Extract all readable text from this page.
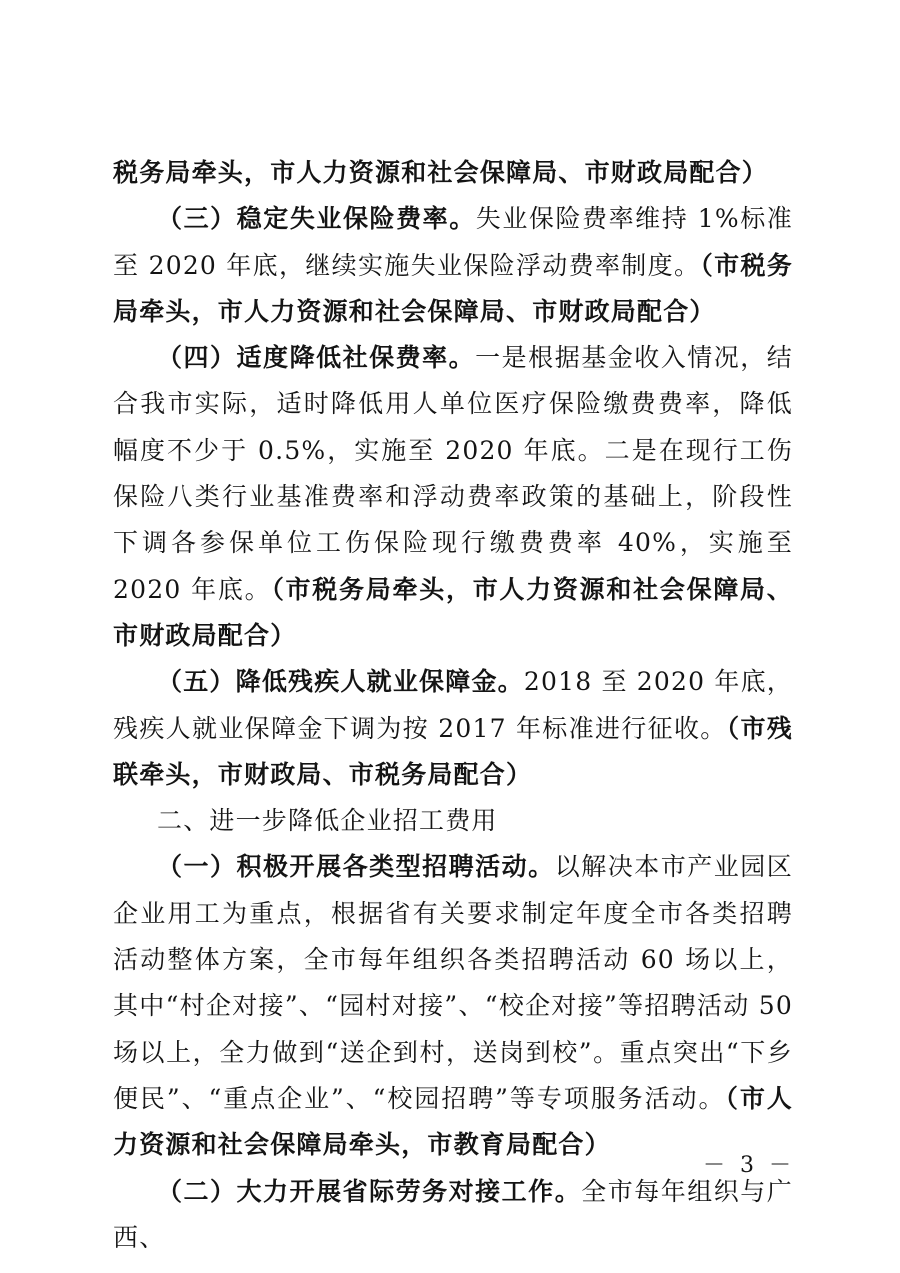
税务局牵头，市人力资源和社会保障局、市财政局配合）

（三）稳定失业保险费率。失业保险费率维持 1%标准至 2020 年底，继续实施失业保险浮动费率制度。（市税务局牵头，市人力资源和社会保障局、市财政局配合）

（四）适度降低社保费率。一是根据基金收入情况，结合我市实际，适时降低用人单位医疗保险缴费费率，降低幅度不少于 0.5%，实施至 2020 年底。二是在现行工伤保险八类行业基准费率和浮动费率政策的基础上，阶段性下调各参保单位工伤保险现行缴费费率 40%，实施至 2020 年底。（市税务局牵头，市人力资源和社会保障局、市财政局配合）

（五）降低残疾人就业保障金。2018 至 2020 年底，残疾人就业保障金下调为按 2017 年标准进行征收。（市残联牵头，市财政局、市税务局配合）

二、进一步降低企业招工费用

（一）积极开展各类型招聘活动。以解决本市产业园区企业用工为重点，根据省有关要求制定年度全市各类招聘活动整体方案，全市每年组织各类招聘活动 60 场以上，其中“村企对接”、“园村对接”、“校企对接”等招聘活动 50 场以上，全力做到“送企到村，送岗到校”。重点突出“下乡便民”、“重点企业”、“校园招聘”等专项服务活动。（市人力资源和社会保障局牵头，市教育局配合）

（二）大力开展省际劳务对接工作。全市每年组织与广西、

－ 3 －
